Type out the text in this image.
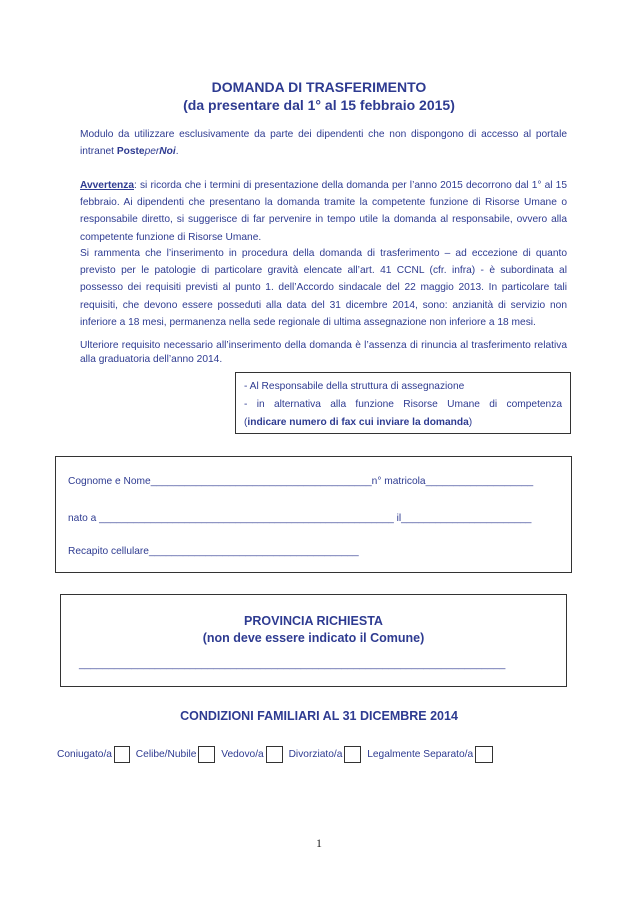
DOMANDA DI TRASFERIMENTO
(da presentare dal 1° al 15 febbraio 2015)
Modulo da utilizzare esclusivamente da parte dei dipendenti che non dispongono di accesso al portale intranet PosteperNoi.
Avvertenza: si ricorda che i termini di presentazione della domanda per l’anno 2015 decorrono dal 1° al 15 febbraio. Ai dipendenti che presentano la domanda tramite la competente funzione di Risorse Umane o responsabile diretto, si suggerisce di far pervenire in tempo utile la domanda al responsabile, ovvero alla competente funzione di Risorse Umane.
Si rammenta che l’inserimento in procedura della domanda di trasferimento – ad eccezione di quanto previsto per le patologie di particolare gravità elencate all’art. 41 CCNL (cfr. infra) - è subordinata al possesso dei requisiti previsti al punto 1. dell’Accordo sindacale del 22 maggio 2013. In particolare tali requisiti, che devono essere posseduti alla data del 31 dicembre 2014, sono: anzianità di servizio non inferiore a 18 mesi, permanenza nella sede regionale di ultima assegnazione non inferiore a 18 mesi.
Ulteriore requisito necessario all’inserimento della domanda è l’assenza di rinuncia al trasferimento relativa alla graduatoria dell’anno 2014.
- Al Responsabile della struttura di assegnazione
- in alternativa alla funzione Risorse Umane di competenza
(indicare numero di fax cui inviare la domanda)
Cognome e Nome_______________________________________n° matricola___________________
nato a ____________________________________________________ il_______________________
Recapito cellulare_____________________________________
PROVINCIA RICHIESTA
(non deve essere indicato il Comune)
_________________________________________________________________________
CONDIZIONI FAMILIARI AL 31 DICEMBRE 2014
Coniugato/a Celibe/Nubile Vedovo/a Divorziato/a Legalmente Separato/a
1
